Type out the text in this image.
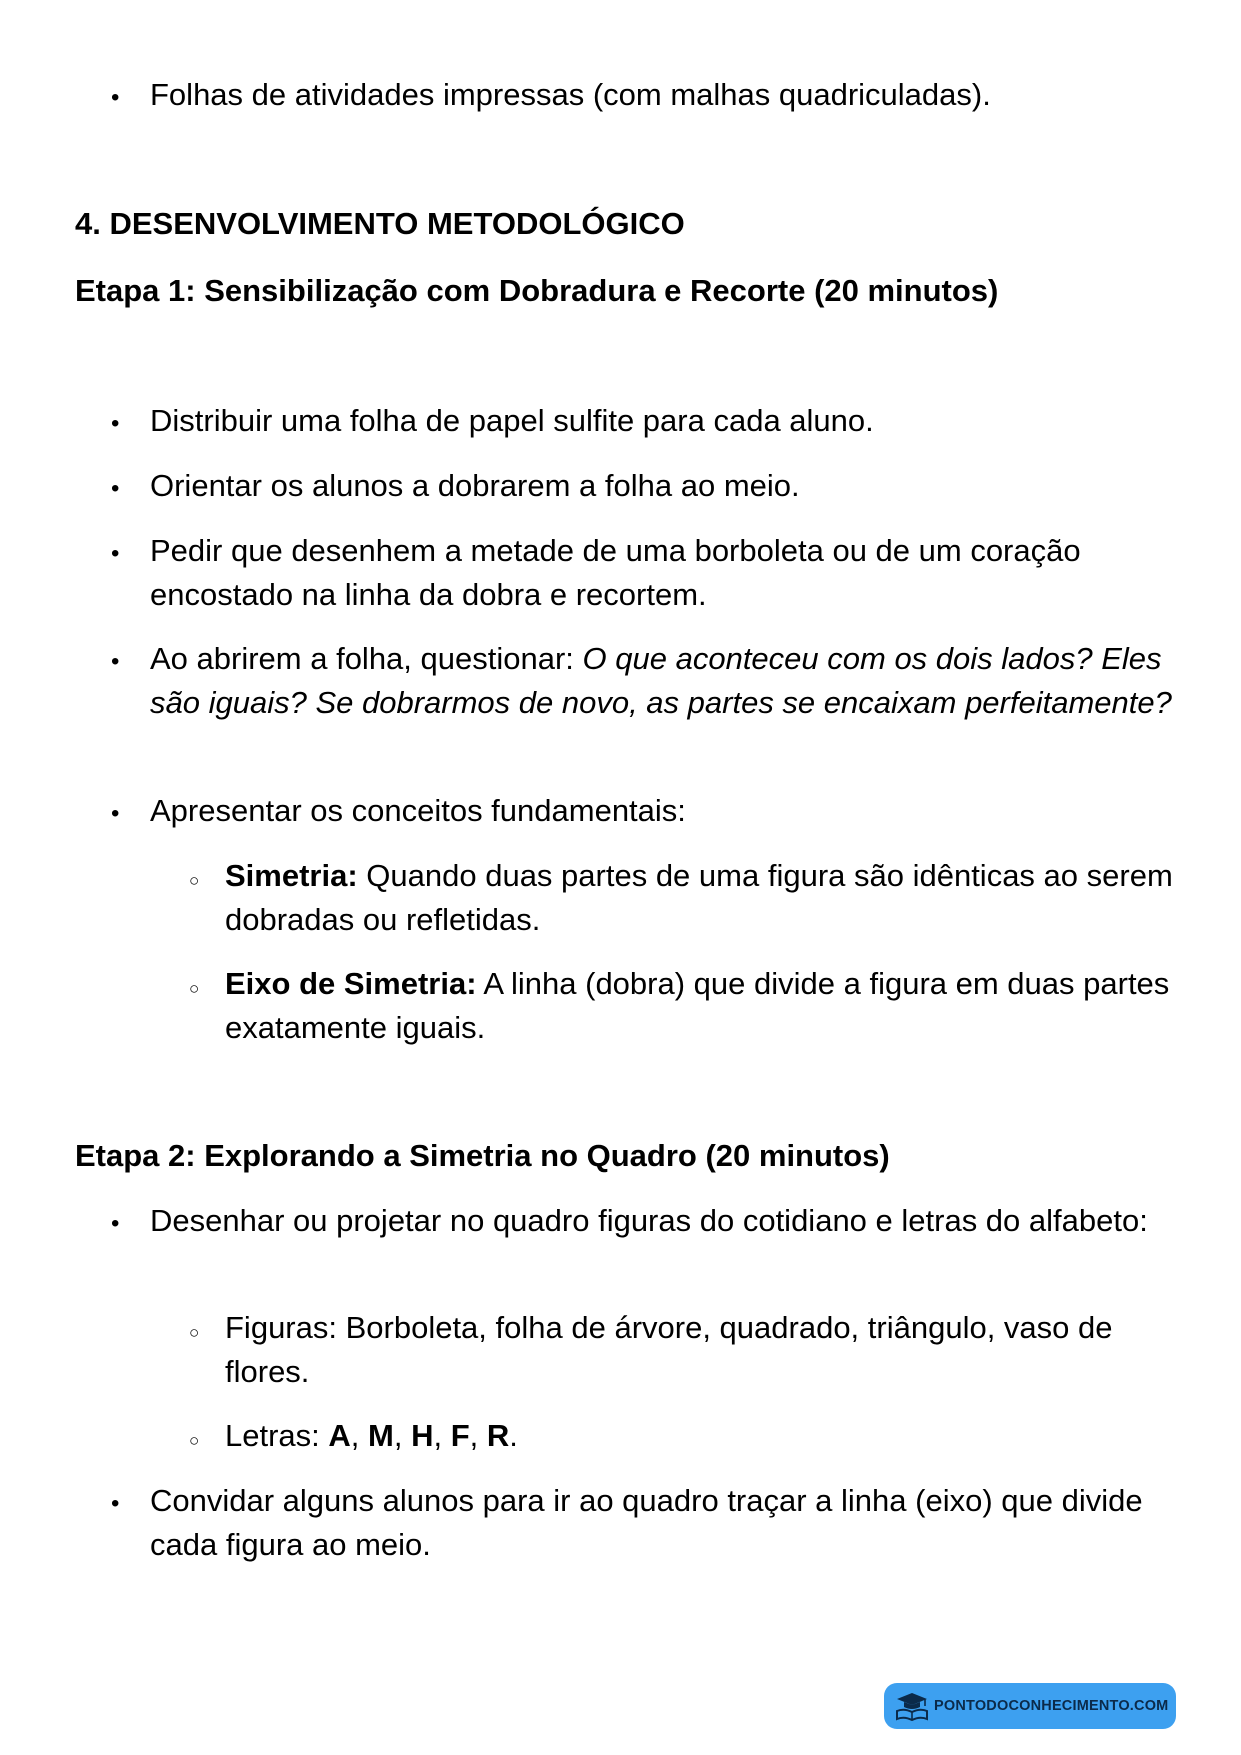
• Folhas de atividades impressas (com malhas quadriculadas).
4. DESENVOLVIMENTO METODOLÓGICO
Etapa 1: Sensibilização com Dobradura e Recorte (20 minutos)
• Distribuir uma folha de papel sulfite para cada aluno.
• Orientar os alunos a dobrarem a folha ao meio.
• Pedir que desenhem a metade de uma borboleta ou de um coração encostado na linha da dobra e recortem.
• Ao abrirem a folha, questionar: O que aconteceu com os dois lados? Eles são iguais? Se dobrarmos de novo, as partes se encaixam perfeitamente?
• Apresentar os conceitos fundamentais:
○ Simetria: Quando duas partes de uma figura são idênticas ao serem dobradas ou refletidas.
○ Eixo de Simetria: A linha (dobra) que divide a figura em duas partes exatamente iguais.
Etapa 2: Explorando a Simetria no Quadro (20 minutos)
• Desenhar ou projetar no quadro figuras do cotidiano e letras do alfabeto:
○ Figuras: Borboleta, folha de árvore, quadrado, triângulo, vaso de flores.
○ Letras: A, M, H, F, R.
• Convidar alguns alunos para ir ao quadro traçar a linha (eixo) que divide cada figura ao meio.
PONTODOCONHECIMENTO.COM
